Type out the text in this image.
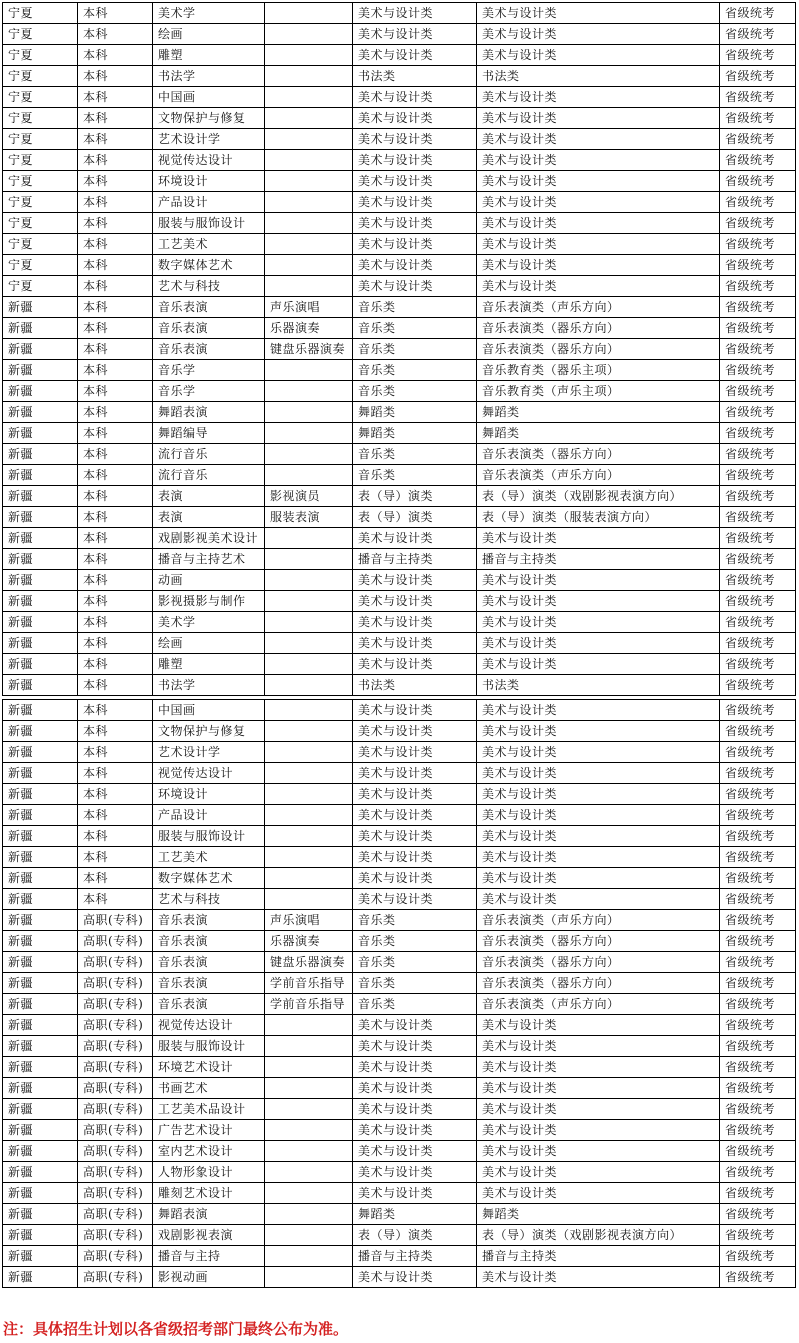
宁夏	本科	美术学		美术与设计类	美术与设计类	省级统考
宁夏	本科	绘画		美术与设计类	美术与设计类	省级统考
宁夏	本科	雕塑		美术与设计类	美术与设计类	省级统考
宁夏	本科	书法学		书法类	书法类	省级统考
宁夏	本科	中国画		美术与设计类	美术与设计类	省级统考
宁夏	本科	文物保护与修复		美术与设计类	美术与设计类	省级统考
宁夏	本科	艺术设计学		美术与设计类	美术与设计类	省级统考
宁夏	本科	视觉传达设计		美术与设计类	美术与设计类	省级统考
宁夏	本科	环境设计		美术与设计类	美术与设计类	省级统考
宁夏	本科	产品设计		美术与设计类	美术与设计类	省级统考
宁夏	本科	服装与服饰设计		美术与设计类	美术与设计类	省级统考
宁夏	本科	工艺美术		美术与设计类	美术与设计类	省级统考
宁夏	本科	数字媒体艺术		美术与设计类	美术与设计类	省级统考
宁夏	本科	艺术与科技		美术与设计类	美术与设计类	省级统考
新疆	本科	音乐表演	声乐演唱	音乐类	音乐表演类（声乐方向）	省级统考
新疆	本科	音乐表演	乐器演奏	音乐类	音乐表演类（器乐方向）	省级统考
新疆	本科	音乐表演	键盘乐器演奏	音乐类	音乐表演类（器乐方向）	省级统考
新疆	本科	音乐学		音乐类	音乐教育类（器乐主项）	省级统考
新疆	本科	音乐学		音乐类	音乐教育类（声乐主项）	省级统考
新疆	本科	舞蹈表演		舞蹈类	舞蹈类	省级统考
新疆	本科	舞蹈编导		舞蹈类	舞蹈类	省级统考
新疆	本科	流行音乐		音乐类	音乐表演类（器乐方向）	省级统考
新疆	本科	流行音乐		音乐类	音乐表演类（声乐方向）	省级统考
新疆	本科	表演	影视演员	表（导）演类	表（导）演类（戏剧影视表演方向）	省级统考
新疆	本科	表演	服装表演	表（导）演类	表（导）演类（服装表演方向）	省级统考
新疆	本科	戏剧影视美术设计		美术与设计类	美术与设计类	省级统考
新疆	本科	播音与主持艺术		播音与主持类	播音与主持类	省级统考
新疆	本科	动画		美术与设计类	美术与设计类	省级统考
新疆	本科	影视摄影与制作		美术与设计类	美术与设计类	省级统考
新疆	本科	美术学		美术与设计类	美术与设计类	省级统考
新疆	本科	绘画		美术与设计类	美术与设计类	省级统考
新疆	本科	雕塑		美术与设计类	美术与设计类	省级统考
新疆	本科	书法学		书法类	书法类	省级统考

新疆	本科	中国画		美术与设计类	美术与设计类	省级统考
新疆	本科	文物保护与修复		美术与设计类	美术与设计类	省级统考
新疆	本科	艺术设计学		美术与设计类	美术与设计类	省级统考
新疆	本科	视觉传达设计		美术与设计类	美术与设计类	省级统考
新疆	本科	环境设计		美术与设计类	美术与设计类	省级统考
新疆	本科	产品设计		美术与设计类	美术与设计类	省级统考
新疆	本科	服装与服饰设计		美术与设计类	美术与设计类	省级统考
新疆	本科	工艺美术		美术与设计类	美术与设计类	省级统考
新疆	本科	数字媒体艺术		美术与设计类	美术与设计类	省级统考
新疆	本科	艺术与科技		美术与设计类	美术与设计类	省级统考
新疆	高职(专科)	音乐表演	声乐演唱	音乐类	音乐表演类（声乐方向）	省级统考
新疆	高职(专科)	音乐表演	乐器演奏	音乐类	音乐表演类（器乐方向）	省级统考
新疆	高职(专科)	音乐表演	键盘乐器演奏	音乐类	音乐表演类（器乐方向）	省级统考
新疆	高职(专科)	音乐表演	学前音乐指导	音乐类	音乐表演类（器乐方向）	省级统考
新疆	高职(专科)	音乐表演	学前音乐指导	音乐类	音乐表演类（声乐方向）	省级统考
新疆	高职(专科)	视觉传达设计		美术与设计类	美术与设计类	省级统考
新疆	高职(专科)	服装与服饰设计		美术与设计类	美术与设计类	省级统考
新疆	高职(专科)	环境艺术设计		美术与设计类	美术与设计类	省级统考
新疆	高职(专科)	书画艺术		美术与设计类	美术与设计类	省级统考
新疆	高职(专科)	工艺美术品设计		美术与设计类	美术与设计类	省级统考
新疆	高职(专科)	广告艺术设计		美术与设计类	美术与设计类	省级统考
新疆	高职(专科)	室内艺术设计		美术与设计类	美术与设计类	省级统考
新疆	高职(专科)	人物形象设计		美术与设计类	美术与设计类	省级统考
新疆	高职(专科)	雕刻艺术设计		美术与设计类	美术与设计类	省级统考
新疆	高职(专科)	舞蹈表演		舞蹈类	舞蹈类	省级统考
新疆	高职(专科)	戏剧影视表演		表（导）演类	表（导）演类（戏剧影视表演方向）	省级统考
新疆	高职(专科)	播音与主持		播音与主持类	播音与主持类	省级统考
新疆	高职(专科)	影视动画		美术与设计类	美术与设计类	省级统考
注：具体招生计划以各省级招考部门最终公布为准。
